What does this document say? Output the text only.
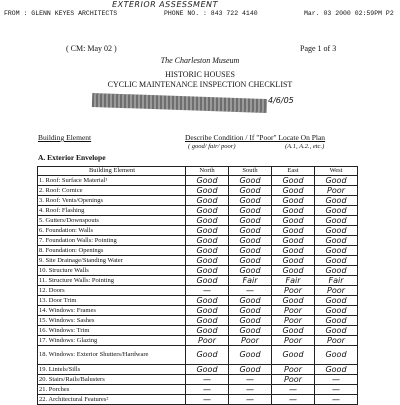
EXTERIOR ASSESSMENT
FROM : GLENN KEYES ARCHITECTS	PHONE NO. : 843 722 4140	Mar. 03 2000 02:59PM P2
( CM: May 02 )	Page 1 of 3
The Charleston Museum
HISTORIC HOUSES
CYCLIC MAINTENANCE INSPECTION CHECKLIST
4/6/05
Building Element	Describe Condition / If "Poor" Locate On Plan
( good/ fair/ poor)	(A.1, A.2., etc.)
A. Exterior Envelope
Building Element	North	South	East	West
1. Roof: Surface Material¹	Good	Good	Good	Good
2. Roof: Cornice	Good	Good	Good	Poor
3. Roof: Vents/Openings	Good	Good	Good	Good
4. Roof: Flashing	Good	Good	Good	Good
5. Gutters/Downspouts	Good	Good	Good	Good
6. Foundation: Walls	Good	Good	Good	Good
7. Foundation Walls: Pointing	Good	Good	Good	Good
8. Foundation: Openings	Good	Good	Good	Good
9. Site Drainage/Standing Water	Good	Good	Good	Good
10. Structure Walls	Good	Good	Good	Good
11. Structure Walls: Pointing	Good	Fair	Fair	Fair
12. Doors	—	—	Poor	Poor
13. Door Trim	Good	Good	Good	Good
14. Windows: Frames	Good	Good	Poor	Good
15. Windows: Sashes	Good	Good	Poor	Good
16. Windows: Trim	Good	Good	Good	Good
17. Windows: Glazing	Poor	Poor	Poor	Poor
18. Windows: Exterior Shutters/Hardware	Good	Good	Good	Good
19. Lintels/Sills	Good	Good	Poor	Good
20. Stairs/Rails/Balusters	—	—	Poor	—
21. Porches	—	—	—	—
22. Architectural Features²	—	—	—	—
